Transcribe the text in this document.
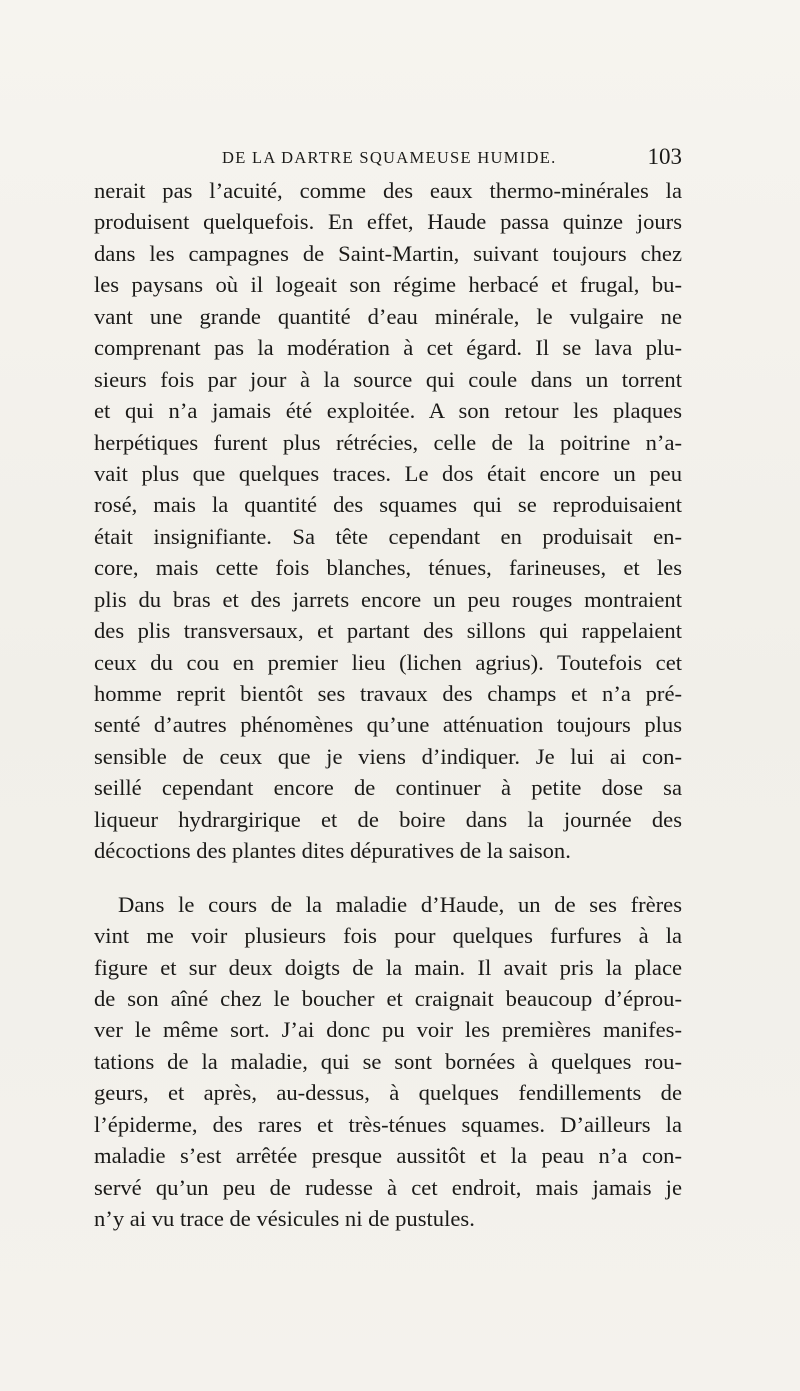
DE LA DARTRE SQUAMEUSE HUMIDE.	103
nerait pas l’acuité, comme des eaux thermo-minérales la
produisent quelquefois. En effet, Haude passa quinze jours
dans les campagnes de Saint-Martin, suivant toujours chez
les paysans où il logeait son régime herbacé et frugal, bu-
vant une grande quantité d’eau minérale, le vulgaire ne
comprenant pas la modération à cet égard. Il se lava plu-
sieurs fois par jour à la source qui coule dans un torrent
et qui n’a jamais été exploitée. A son retour les plaques
herpétiques furent plus rétrécies, celle de la poitrine n’a-
vait plus que quelques traces. Le dos était encore un peu
rosé, mais la quantité des squames qui se reproduisaient
était insignifiante. Sa tête cependant en produisait en-
core, mais cette fois blanches, ténues, farineuses, et les
plis du bras et des jarrets encore un peu rouges montraient
des plis transversaux, et partant des sillons qui rappelaient
ceux du cou en premier lieu (lichen agrius). Toutefois cet
homme reprit bientôt ses travaux des champs et n’a pré-
senté d’autres phénomènes qu’une atténuation toujours plus
sensible de ceux que je viens d’indiquer. Je lui ai con-
seillé cependant encore de continuer à petite dose sa
liqueur hydrargirique et de boire dans la journée des
décoctions des plantes dites dépuratives de la saison.
Dans le cours de la maladie d’Haude, un de ses frères
vint me voir plusieurs fois pour quelques furfures à la
figure et sur deux doigts de la main. Il avait pris la place
de son aîné chez le boucher et craignait beaucoup d’éprou-
ver le même sort. J’ai donc pu voir les premières manifes-
tations de la maladie, qui se sont bornées à quelques rou-
geurs, et après, au-dessus, à quelques fendillements de
l’épiderme, des rares et très-ténues squames. D’ailleurs la
maladie s’est arrêtée presque aussitôt et la peau n’a con-
servé qu’un peu de rudesse à cet endroit, mais jamais je
n’y ai vu trace de vésicules ni de pustules.
